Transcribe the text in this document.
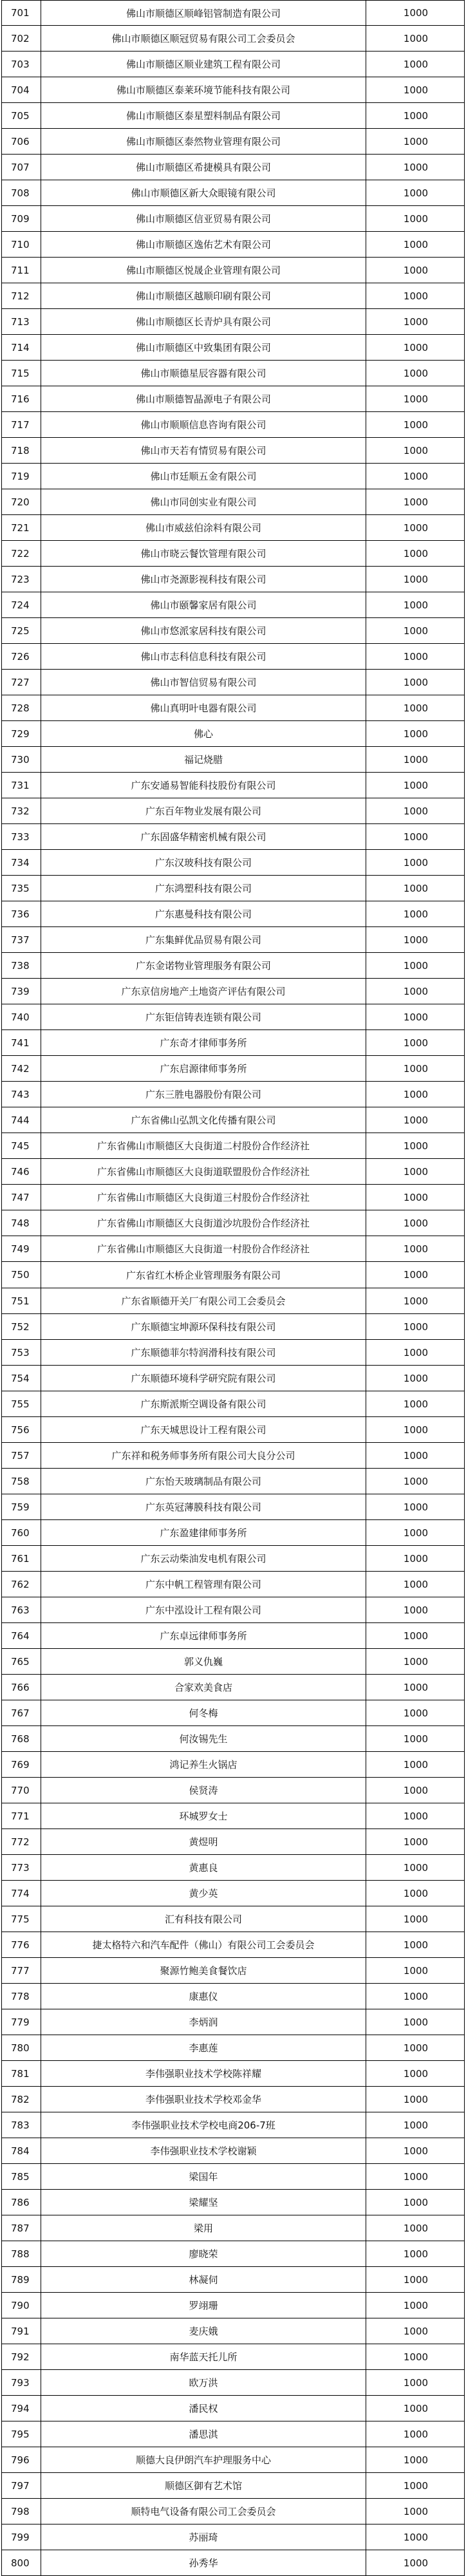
701	佛山市顺德区顺峰铝管制造有限公司	1000
702	佛山市顺德区顺冠贸易有限公司工会委员会	1000
703	佛山市顺德区顺业建筑工程有限公司	1000
704	佛山市顺德区泰莱环境节能科技有限公司	1000
705	佛山市顺德区泰星塑料制品有限公司	1000
706	佛山市顺德区泰然物业管理有限公司	1000
707	佛山市顺德区希捷模具有限公司	1000
708	佛山市顺德区新大众眼镜有限公司	1000
709	佛山市顺德区信亚贸易有限公司	1000
710	佛山市顺德区逸佑艺术有限公司	1000
711	佛山市顺德区悦晟企业管理有限公司	1000
712	佛山市顺德区越顺印刷有限公司	1000
713	佛山市顺德区长青炉具有限公司	1000
714	佛山市顺德区中致集团有限公司	1000
715	佛山市顺德星辰容器有限公司	1000
716	佛山市顺德智晶源电子有限公司	1000
717	佛山市顺顺信息咨询有限公司	1000
718	佛山市天若有情贸易有限公司	1000
719	佛山市廷顺五金有限公司	1000
720	佛山市同创实业有限公司	1000
721	佛山市威兹伯涂料有限公司	1000
722	佛山市晓云餐饮管理有限公司	1000
723	佛山市尧源影视科技有限公司	1000
724	佛山市颐馨家居有限公司	1000
725	佛山市悠派家居科技有限公司	1000
726	佛山市志科信息科技有限公司	1000
727	佛山市智信贸易有限公司	1000
728	佛山真明叶电器有限公司	1000
729	佛心	1000
730	福记烧腊	1000
731	广东安通易智能科技股份有限公司	1000
732	广东百年物业发展有限公司	1000
733	广东固盛华精密机械有限公司	1000
734	广东汉玻科技有限公司	1000
735	广东鸿塑科技有限公司	1000
736	广东惠曼科技有限公司	1000
737	广东集鲜优品贸易有限公司	1000
738	广东金诺物业管理服务有限公司	1000
739	广东京信房地产土地资产评估有限公司	1000
740	广东钜信铸表连锁有限公司	1000
741	广东奇才律师事务所	1000
742	广东启源律师事务所	1000
743	广东三胜电器股份有限公司	1000
744	广东省佛山弘凯文化传播有限公司	1000
745	广东省佛山市顺德区大良街道二村股份合作经济社	1000
746	广东省佛山市顺德区大良街道联盟股份合作经济社	1000
747	广东省佛山市顺德区大良街道三村股份合作经济社	1000
748	广东省佛山市顺德区大良街道沙坑股份合作经济社	1000
749	广东省佛山市顺德区大良街道一村股份合作经济社	1000
750	广东省红木桥企业管理服务有限公司	1000
751	广东省顺德开关厂有限公司工会委员会	1000
752	广东顺德宝坤源环保科技有限公司	1000
753	广东顺德菲尔特润滑科技有限公司	1000
754	广东顺德环境科学研究院有限公司	1000
755	广东斯派斯空调设备有限公司	1000
756	广东天城思设计工程有限公司	1000
757	广东祥和税务师事务所有限公司大良分公司	1000
758	广东怡天玻璃制品有限公司	1000
759	广东英冠薄膜科技有限公司	1000
760	广东盈建律师事务所	1000
761	广东云动柴油发电机有限公司	1000
762	广东中帆工程管理有限公司	1000
763	广东中泓设计工程有限公司	1000
764	广东卓远律师事务所	1000
765	郭义仇巍	1000
766	合家欢美食店	1000
767	何冬梅	1000
768	何汝锡先生	1000
769	鸿记养生火锅店	1000
770	侯贤涛	1000
771	环城罗女士	1000
772	黄煜明	1000
773	黄惠良	1000
774	黄少英	1000
775	汇有科技有限公司	1000
776	捷太格特六和汽车配件（佛山）有限公司工会委员会	1000
777	聚源竹鲍美食餐饮店	1000
778	康惠仪	1000
779	李炳润	1000
780	李惠莲	1000
781	李伟强职业技术学校陈祥耀	1000
782	李伟强职业技术学校邓金华	1000
783	李伟强职业技术学校电商206-7班	1000
784	李伟强职业技术学校谢颖	1000
785	梁国年	1000
786	梁耀坚	1000
787	梁用	1000
788	廖晓荣	1000
789	林凝伺	1000
790	罗翊珊	1000
791	麦庆娥	1000
792	南华蓝天托儿所	1000
793	欧万洪	1000
794	潘民权	1000
795	潘思淇	1000
796	顺德大良伊朗汽车护理服务中心	1000
797	顺德区御有艺术馆	1000
798	顺特电气设备有限公司工会委员会	1000
799	苏丽琦	1000
800	孙秀华	1000
